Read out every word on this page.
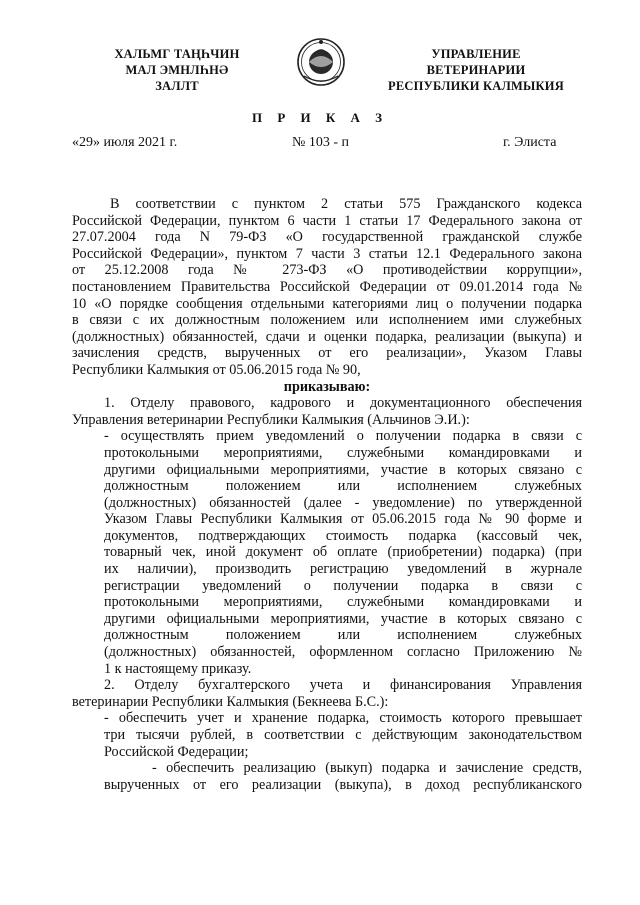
ХАЛЬМГ ТАҢҺЧИН
МАЛ ЭМНЛҺНӘ
ЗАЛЛТ
УПРАВЛЕНИЕ
ВЕТЕРИНАРИИ
РЕСПУБЛИКИ КАЛМЫКИЯ
П Р И К А З
«29» июля 2021 г.	№ 103 - п	г. Элиста

В соответствии с пунктом 2 статьи 575 Гражданского кодекса

Российской Федерации, пунктом 6 части 1 статьи 17 Федерального закона от

27.07.2004 года N 79-ФЗ «О государственной гражданской службе

Российской Федерации», пунктом 7 части 3 статьи 12.1 Федерального закона

от 25.12.2008 года № 273-ФЗ «О противодействии коррупции»,

постановлением Правительства Российской Федерации от 09.01.2014 года №

10 «О порядке сообщения отдельными категориями лиц о получении подарка

в связи с их должностным положением или исполнением ими служебных

(должностных) обязанностей, сдачи и оценки подарка, реализации (выкупа) и

зачисления средств, вырученных от его реализации», Указом Главы

Республики Калмыкия от 05.06.2015 года № 90,

приказываю:

1. Отделу правового, кадрового и документационного обеспечения

Управления ветеринарии Республики Калмыкия (Альчинов Э.И.):

- осуществлять прием уведомлений о получении подарка в связи с

протокольными мероприятиями, служебными командировками и

другими официальными мероприятиями, участие в которых связано с

должностным положением или исполнением служебных

(должностных) обязанностей (далее - уведомление) по утвержденной

Указом Главы Республики Калмыкия от 05.06.2015 года № 90 форме и

документов, подтверждающих стоимость подарка (кассовый чек,

товарный чек, иной документ об оплате (приобретении) подарка) (при

их наличии), производить регистрацию уведомлений в журнале

регистрации уведомлений о получении подарка в связи с

протокольными мероприятиями, служебными командировками и

другими официальными мероприятиями, участие в которых связано с

должностным положением или исполнением служебных

(должностных) обязанностей, оформленном согласно Приложению №

1 к настоящему приказу.

2. Отделу бухгалтерского учета и финансирования Управления

ветеринарии Республики Калмыкия (Бекнеева Б.С.):

- обеспечить учет и хранение подарка, стоимость которого превышает

три тысячи рублей, в соответствии с действующим законодательством

Российской Федерации;

- обеспечить реализацию (выкуп) подарка и зачисление средств,

вырученных от его реализации (выкупа), в доход республиканского
